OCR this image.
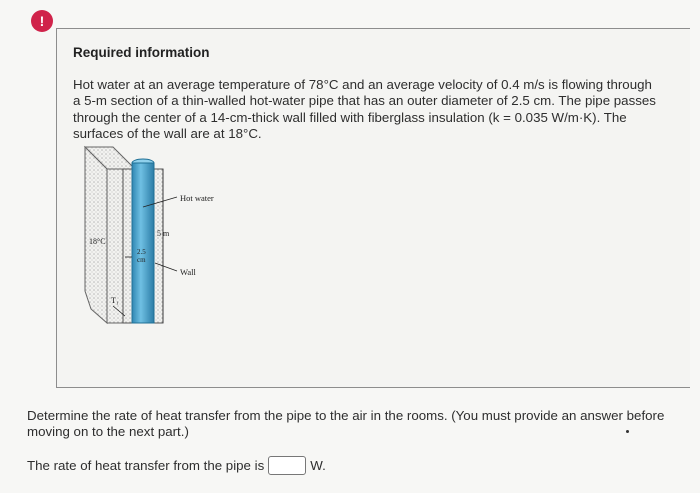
!
Required information
Hot water at an average temperature of 78°C and an average velocity of 0.4 m/s is flowing through a 5-m section of a thin-walled hot-water pipe that has an outer diameter of 2.5 cm. The pipe passes through the center of a 14-cm-thick wall filled with fiberglass insulation (k = 0.035 W/m·K). The surfaces of the wall are at 18°C.
Hot water
Wall
5 m
18°C
2.5
cm
T₁
Determine the rate of heat transfer from the pipe to the air in the rooms. (You must provide an answer before moving on to the next part.)
The rate of heat transfer from the pipe is	W.
